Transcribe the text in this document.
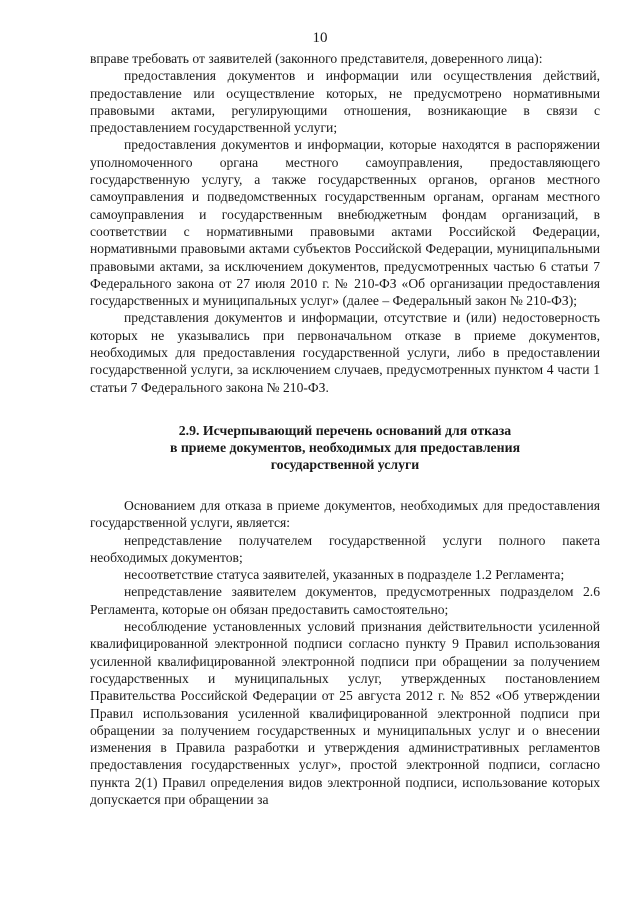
10

вправе требовать от заявителей (законного представителя, доверенного лица):

предоставления документов и информации или осуществления действий, предоставление или осуществление которых, не предусмотрено нормативными правовыми актами, регулирующими отношения, возникающие в связи с предоставлением государственной услуги;

предоставления документов и информации, которые находятся в распоряжении уполномоченного органа местного самоуправления, предоставляющего государственную услугу, а также государственных органов, органов местного самоуправления и подведомственных государственным органам, органам местного самоуправления и государственным внебюджетным фондам организаций, в соответствии с нормативными правовыми актами Российской Федерации, нормативными правовыми актами субъектов Российской Федерации, муниципальными правовыми актами, за исключением документов, предусмотренных частью 6 статьи 7 Федерального закона от 27 июля 2010 г. № 210-ФЗ «Об организации предоставления государственных и муниципальных услуг» (далее – Федеральный закон № 210-ФЗ);

представления документов и информации, отсутствие и (или) недостоверность которых не указывались при первоначальном отказе в приеме документов, необходимых для предоставления государственной услуги, либо в предоставлении государственной услуги, за исключением случаев, предусмотренных пунктом 4 части 1 статьи 7 Федерального закона № 210-ФЗ.

2.9. Исчерпывающий перечень оснований для отказа
в приеме документов, необходимых для предоставления
государственной услуги

Основанием для отказа в приеме документов, необходимых для предоставления государственной услуги, является:

непредставление получателем государственной услуги полного пакета необходимых документов;

несоответствие статуса заявителей, указанных в подразделе 1.2 Регламента;

непредставление заявителем документов, предусмотренных подразделом 2.6 Регламента, которые он обязан предоставить самостоятельно;

несоблюдение установленных условий признания действительности усиленной квалифицированной электронной подписи согласно пункту 9 Правил использования усиленной квалифицированной электронной подписи при обращении за получением государственных и муниципальных услуг, утвержденных постановлением Правительства Российской Федерации от 25 августа 2012 г. № 852 «Об утверждении Правил использования усиленной квалифицированной электронной подписи при обращении за получением государственных и муниципальных услуг и о внесении изменения в Правила разработки и утверждения административных регламентов предоставления государственных услуг», простой электронной подписи, согласно пункта 2(1) Правил определения видов электронной подписи, использование которых допускается при обращении за
